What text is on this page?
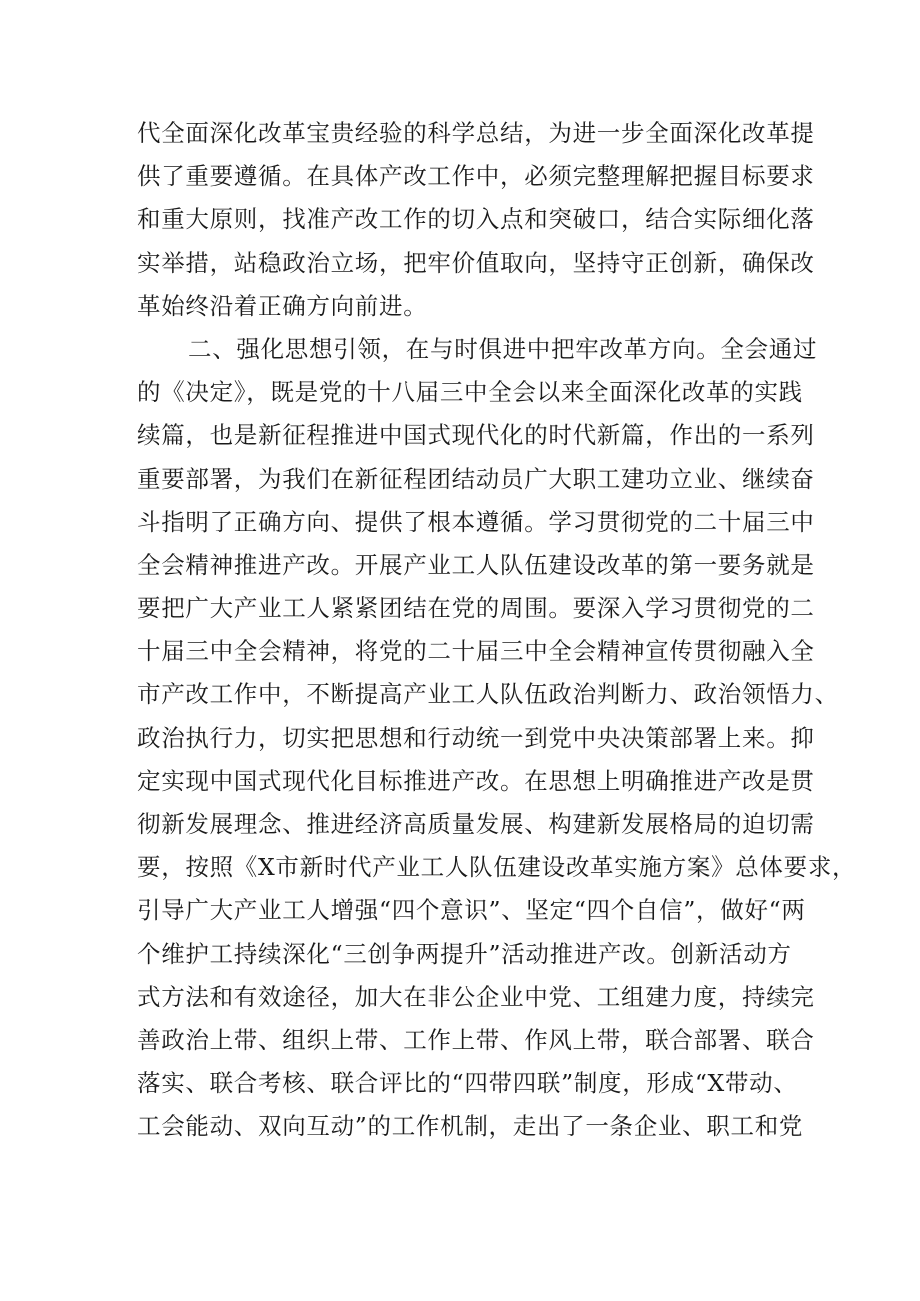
代全面深化改革宝贵经验的科学总结，为进一步全面深化改革提
供了重要遵循。在具体产改工作中，必须完整理解把握目标要求
和重大原则，找准产改工作的切入点和突破口，结合实际细化落
实举措，站稳政治立场，把牢价值取向，坚持守正创新，确保改
革始终沿着正确方向前进。
二、强化思想引领，在与时俱进中把牢改革方向。全会通过
的《决定》，既是党的十八届三中全会以来全面深化改革的实践
续篇，也是新征程推进中国式现代化的时代新篇，作出的一系列
重要部署，为我们在新征程团结动员广大职工建功立业、继续奋
斗指明了正确方向、提供了根本遵循。学习贯彻党的二十届三中
全会精神推进产改。开展产业工人队伍建设改革的第一要务就是
要把广大产业工人紧紧团结在党的周围。要深入学习贯彻党的二
十届三中全会精神，将党的二十届三中全会精神宣传贯彻融入全
市产改工作中，不断提高产业工人队伍政治判断力、政治领悟力、
政治执行力，切实把思想和行动统一到党中央决策部署上来。抑
定实现中国式现代化目标推进产改。在思想上明确推进产改是贯
彻新发展理念、推进经济高质量发展、构建新发展格局的迫切需
要，按照《X市新时代产业工人队伍建设改革实施方案》总体要求，
引导广大产业工人增强“四个意识”、坚定“四个自信”，做好“两
个维护工持续深化“三创争两提升”活动推进产改。创新活动方
式方法和有效途径，加大在非公企业中党、工组建力度，持续完
善政治上带、组织上带、工作上带、作风上带，联合部署、联合
落实、联合考核、联合评比的“四带四联”制度，形成“X带动、
工会能动、双向互动”的工作机制，走出了一条企业、职工和党
